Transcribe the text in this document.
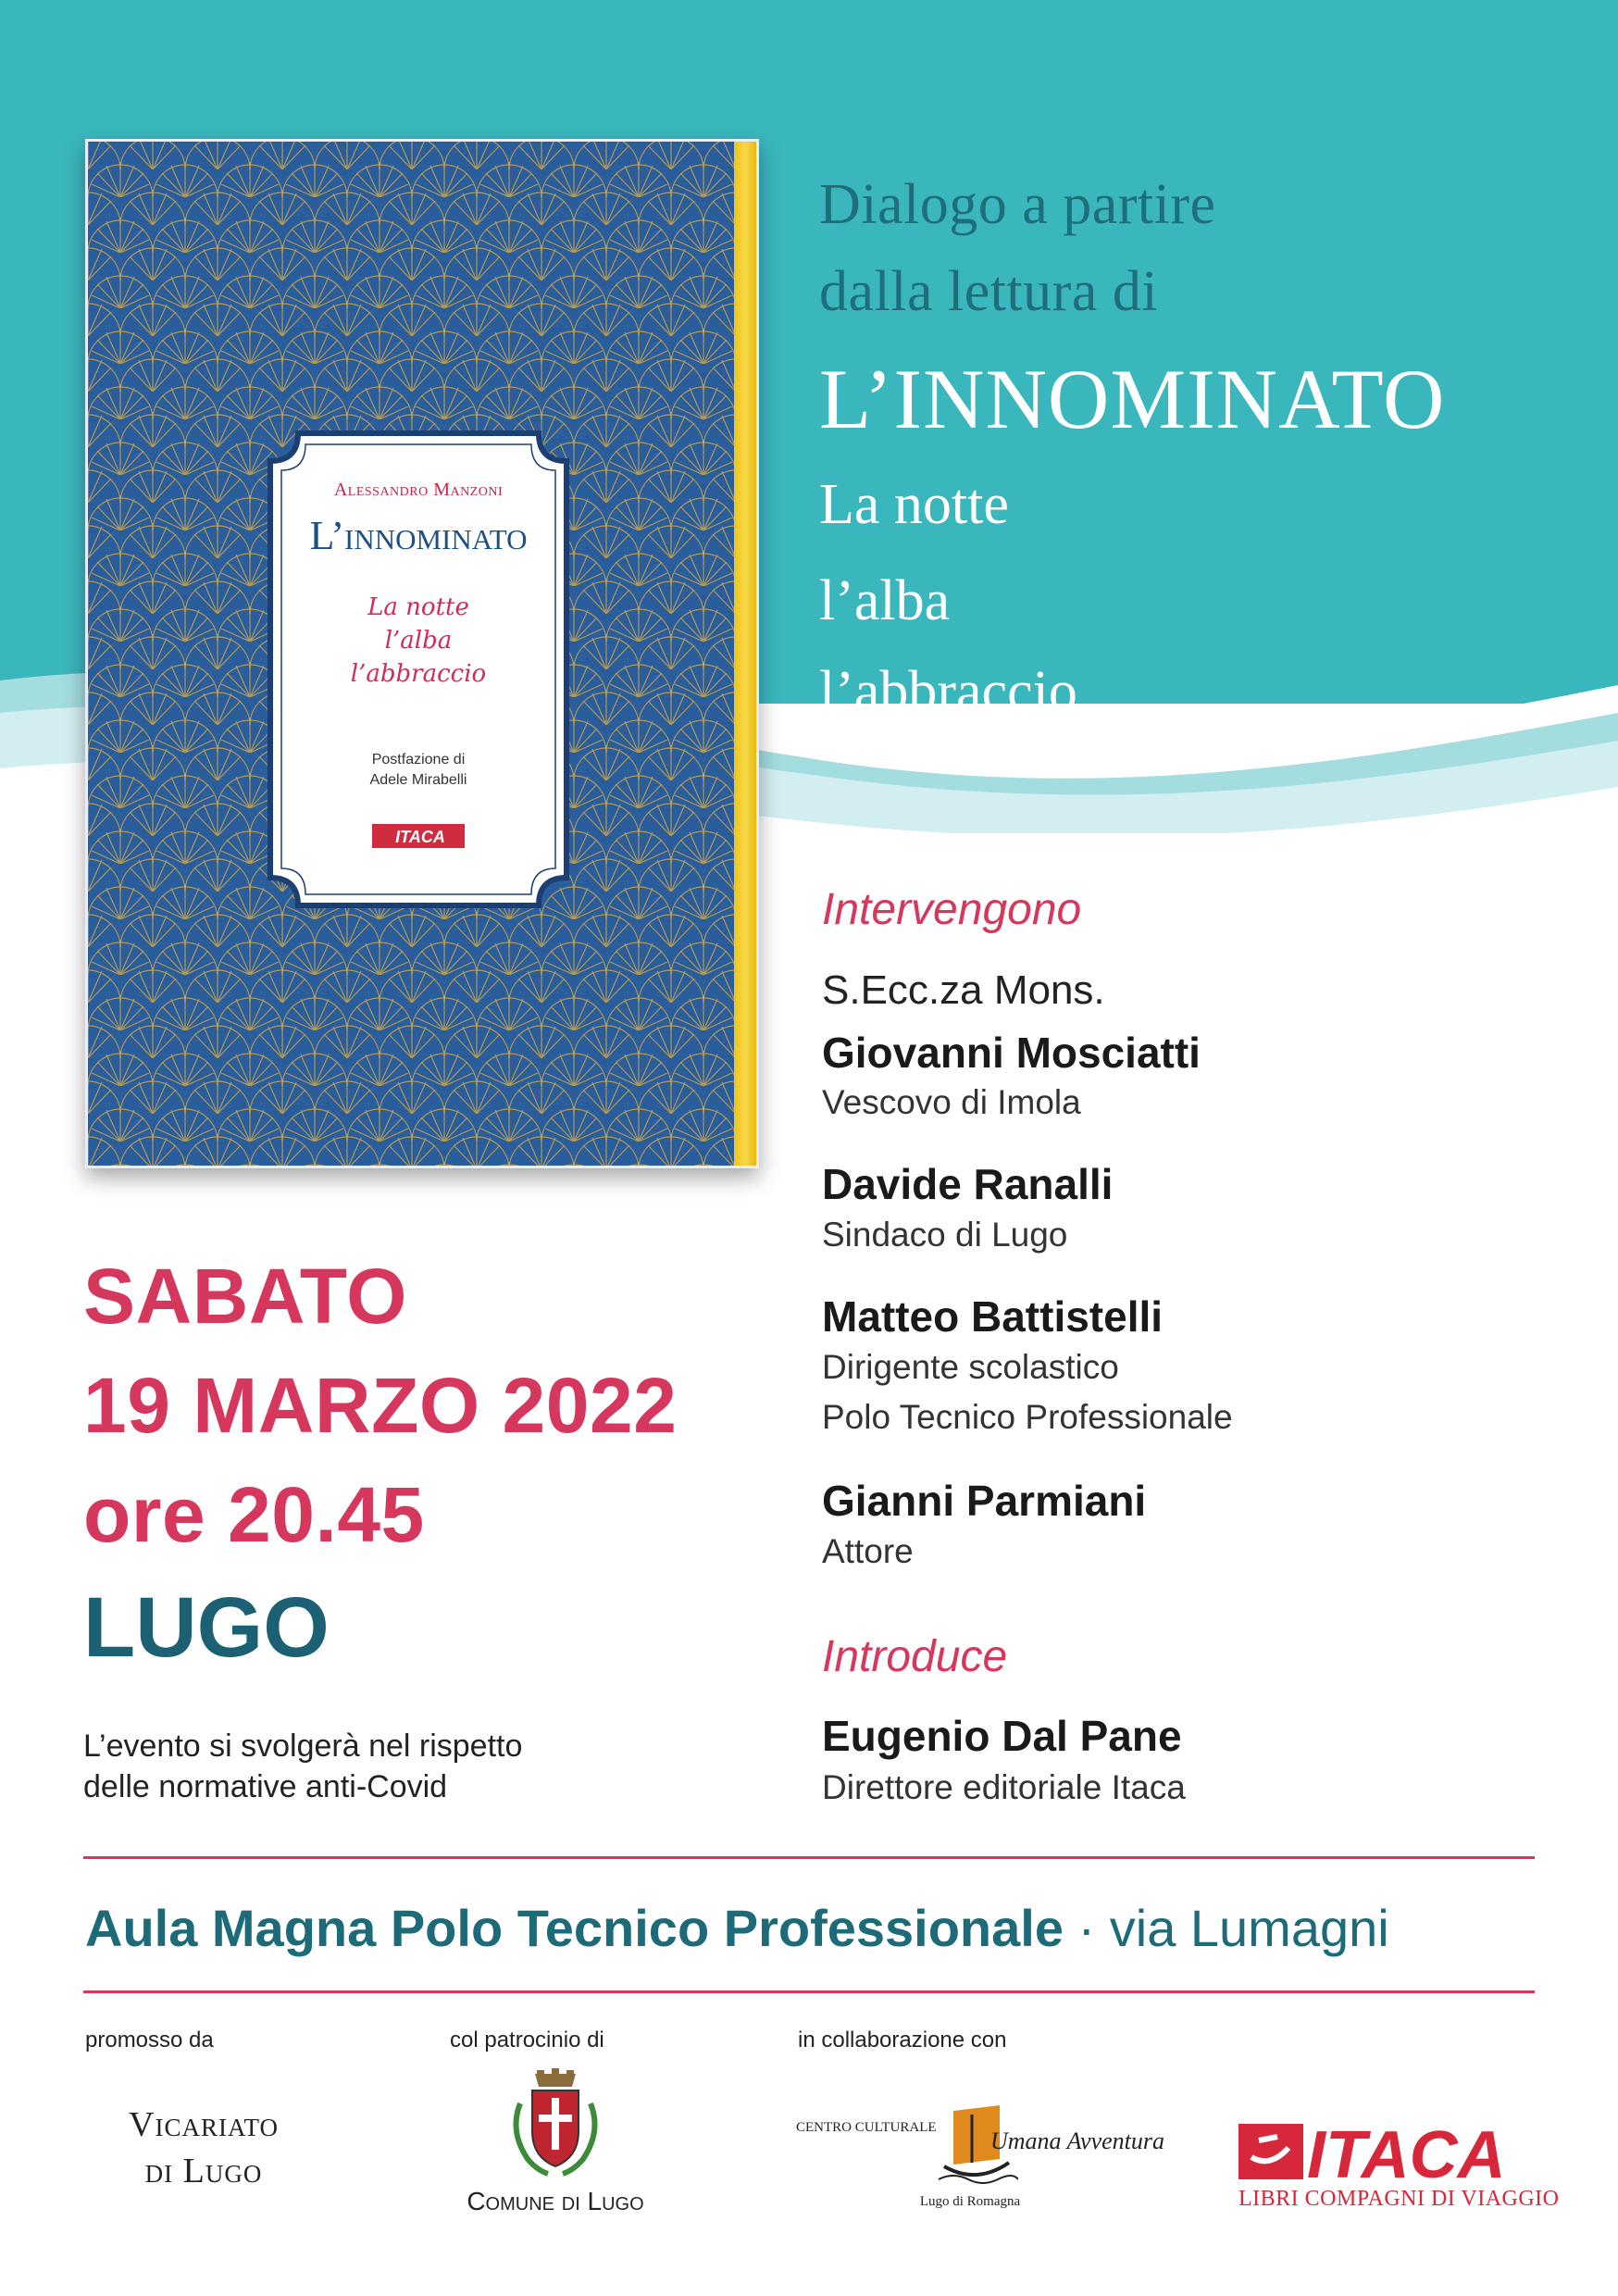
Alessandro Manzoni
L’innominato
La notte
l’alba
l’abbraccio
Postfazione di
Adele Mirabelli
ITACA
Dialogo a partire
dalla lettura di
L’INNOMINATO
La notte
l’alba
l’abbraccio
Intervengono
S.Ecc.za Mons.
Giovanni Mosciatti
Vescovo di Imola
Davide Ranalli
Sindaco di Lugo
Matteo Battistelli
Dirigente scolastico
Polo Tecnico Professionale
Gianni Parmiani
Attore
Introduce
Eugenio Dal Pane
Direttore editoriale Itaca
SABATO
19 MARZO 2022
ore 20.45
LUGO
L’evento si svolgerà nel rispetto
delle normative anti-Covid
Aula Magna Polo Tecnico Professionale · via Lumagni
promosso da	col patrocinio di	in collaborazione con
Vicariato
di Lugo
Comune di Lugo
CENTRO CULTURALE Umana Avventura
Lugo di Romagna
ITACA
LIBRI COMPAGNI DI VIAGGIO
